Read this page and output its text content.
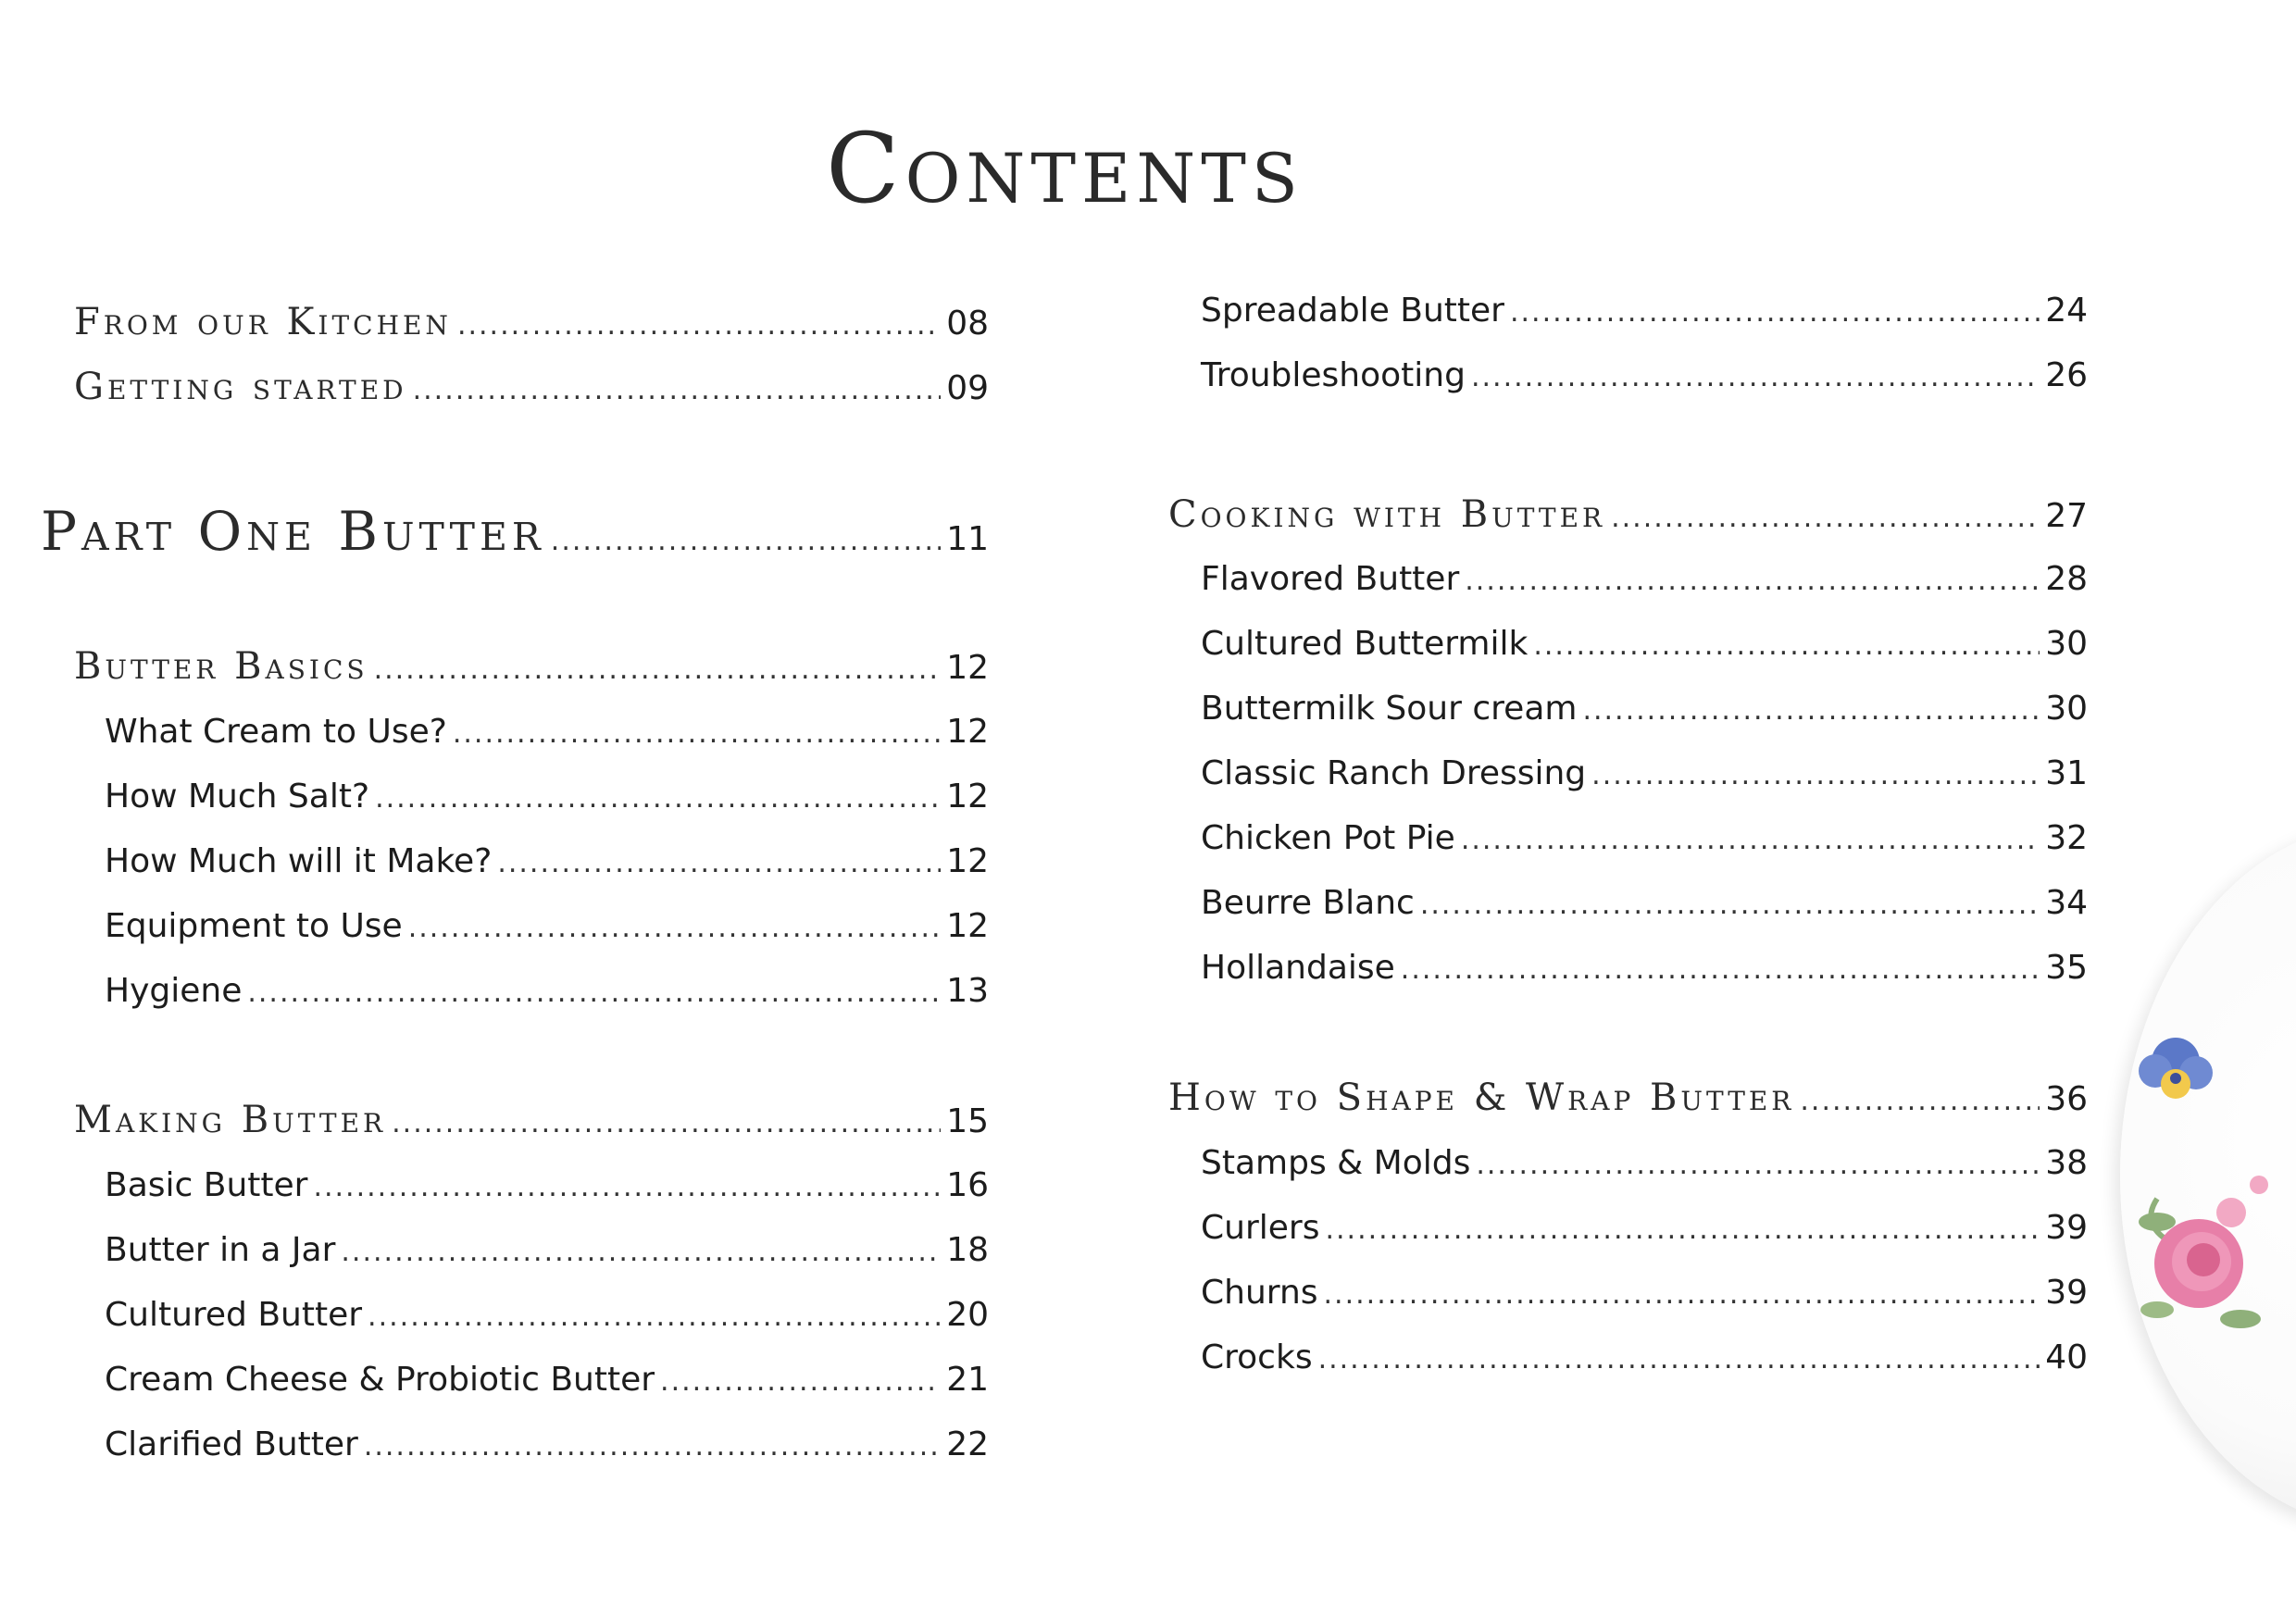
Contents
From our Kitchen .....	08
Getting started .....	09
Part One Butter .....	11
Butter Basics .....	12
What Cream to Use? .....	12
How Much Salt? .....	12
How Much will it Make? .....	12
Equipment to Use .....	12
Hygiene .....	13
Making Butter .....	15
Basic Butter .....	16
Butter in a Jar .....	18
Cultured Butter .....	20
Cream Cheese & Probiotic Butter .....	21
Clarified Butter .....	22
Spreadable Butter .....	24
Troubleshooting .....	26
Cooking with Butter .....	27
Flavored Butter .....	28
Cultured Buttermilk .....	30
Buttermilk Sour cream .....	30
Classic Ranch Dressing .....	31
Chicken Pot Pie .....	32
Beurre Blanc .....	34
Hollandaise .....	35
How to Shape & Wrap Butter .....	36
Stamps & Molds .....	38
Curlers .....	39
Churns .....	39
Crocks .....	40
